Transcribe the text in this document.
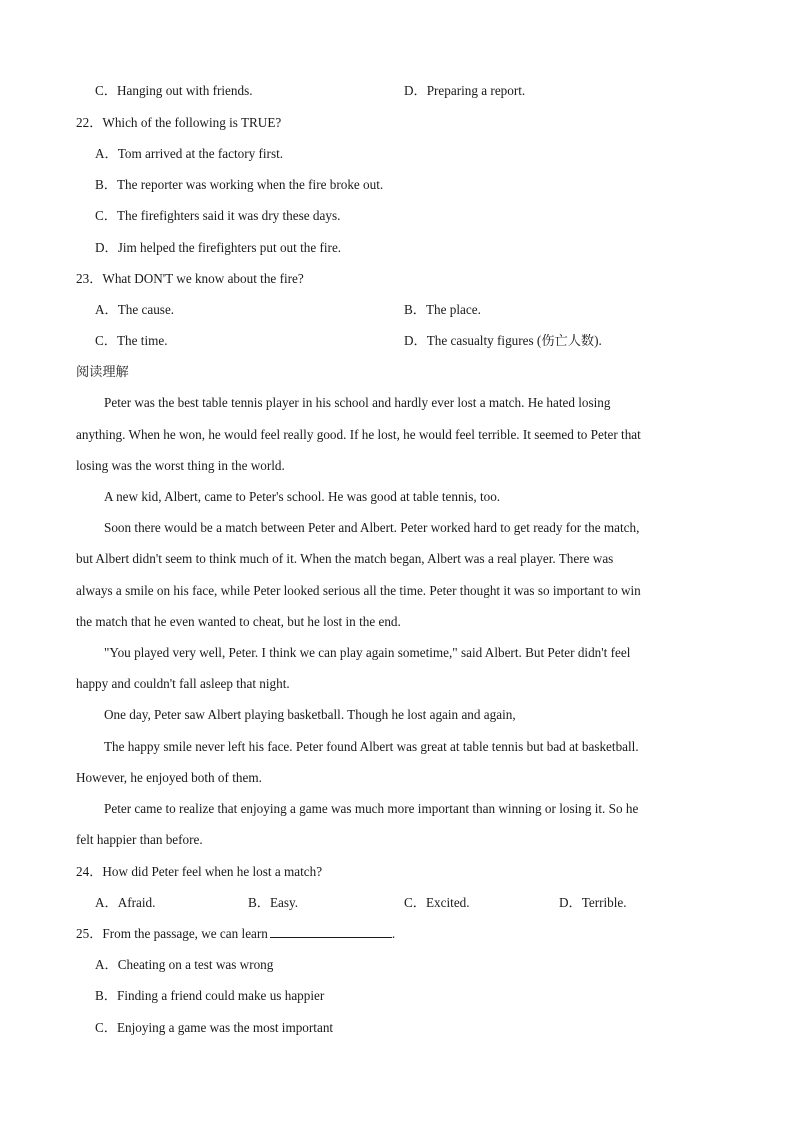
C．Hanging out with friends.	D．Preparing a report.
22．Which of the following is TRUE?
A．Tom arrived at the factory first.
B．The reporter was working when the fire broke out.
C．The firefighters said it was dry these days.
D．Jim helped the firefighters put out the fire.
23．What DON'T we know about the fire?
A．The cause.	B．The place.
C．The time.	D．The casualty figures (伤亡人数).
阅读理解
Peter was the best table tennis player in his school and hardly ever lost a match. He hated losing
anything. When he won, he would feel really good. If he lost, he would feel terrible. It seemed to Peter that
losing was the worst thing in the world.
A new kid, Albert, came to Peter's school. He was good at table tennis, too.
Soon there would be a match between Peter and Albert. Peter worked hard to get ready for the match,
but Albert didn't seem to think much of it. When the match began, Albert was a real player. There was
always a smile on his face, while Peter looked serious all the time. Peter thought it was so important to win
the match that he even wanted to cheat, but he lost in the end.
"You played very well, Peter. I think we can play again sometime," said Albert. But Peter didn't feel
happy and couldn't fall asleep that night.
One day, Peter saw Albert playing basketball. Though he lost again and again,
The happy smile never left his face. Peter found Albert was great at table tennis but bad at basketball.
However, he enjoyed both of them.
Peter came to realize that enjoying a game was much more important than winning or losing it. So he
felt happier than before.
24．How did Peter feel when he lost a match?
A．Afraid.	B．Easy.	C．Excited.	D．Terrible.
25．From the passage, we can learn	.
A．Cheating on a test was wrong
B．Finding a friend could make us happier
C．Enjoying a game was the most important
